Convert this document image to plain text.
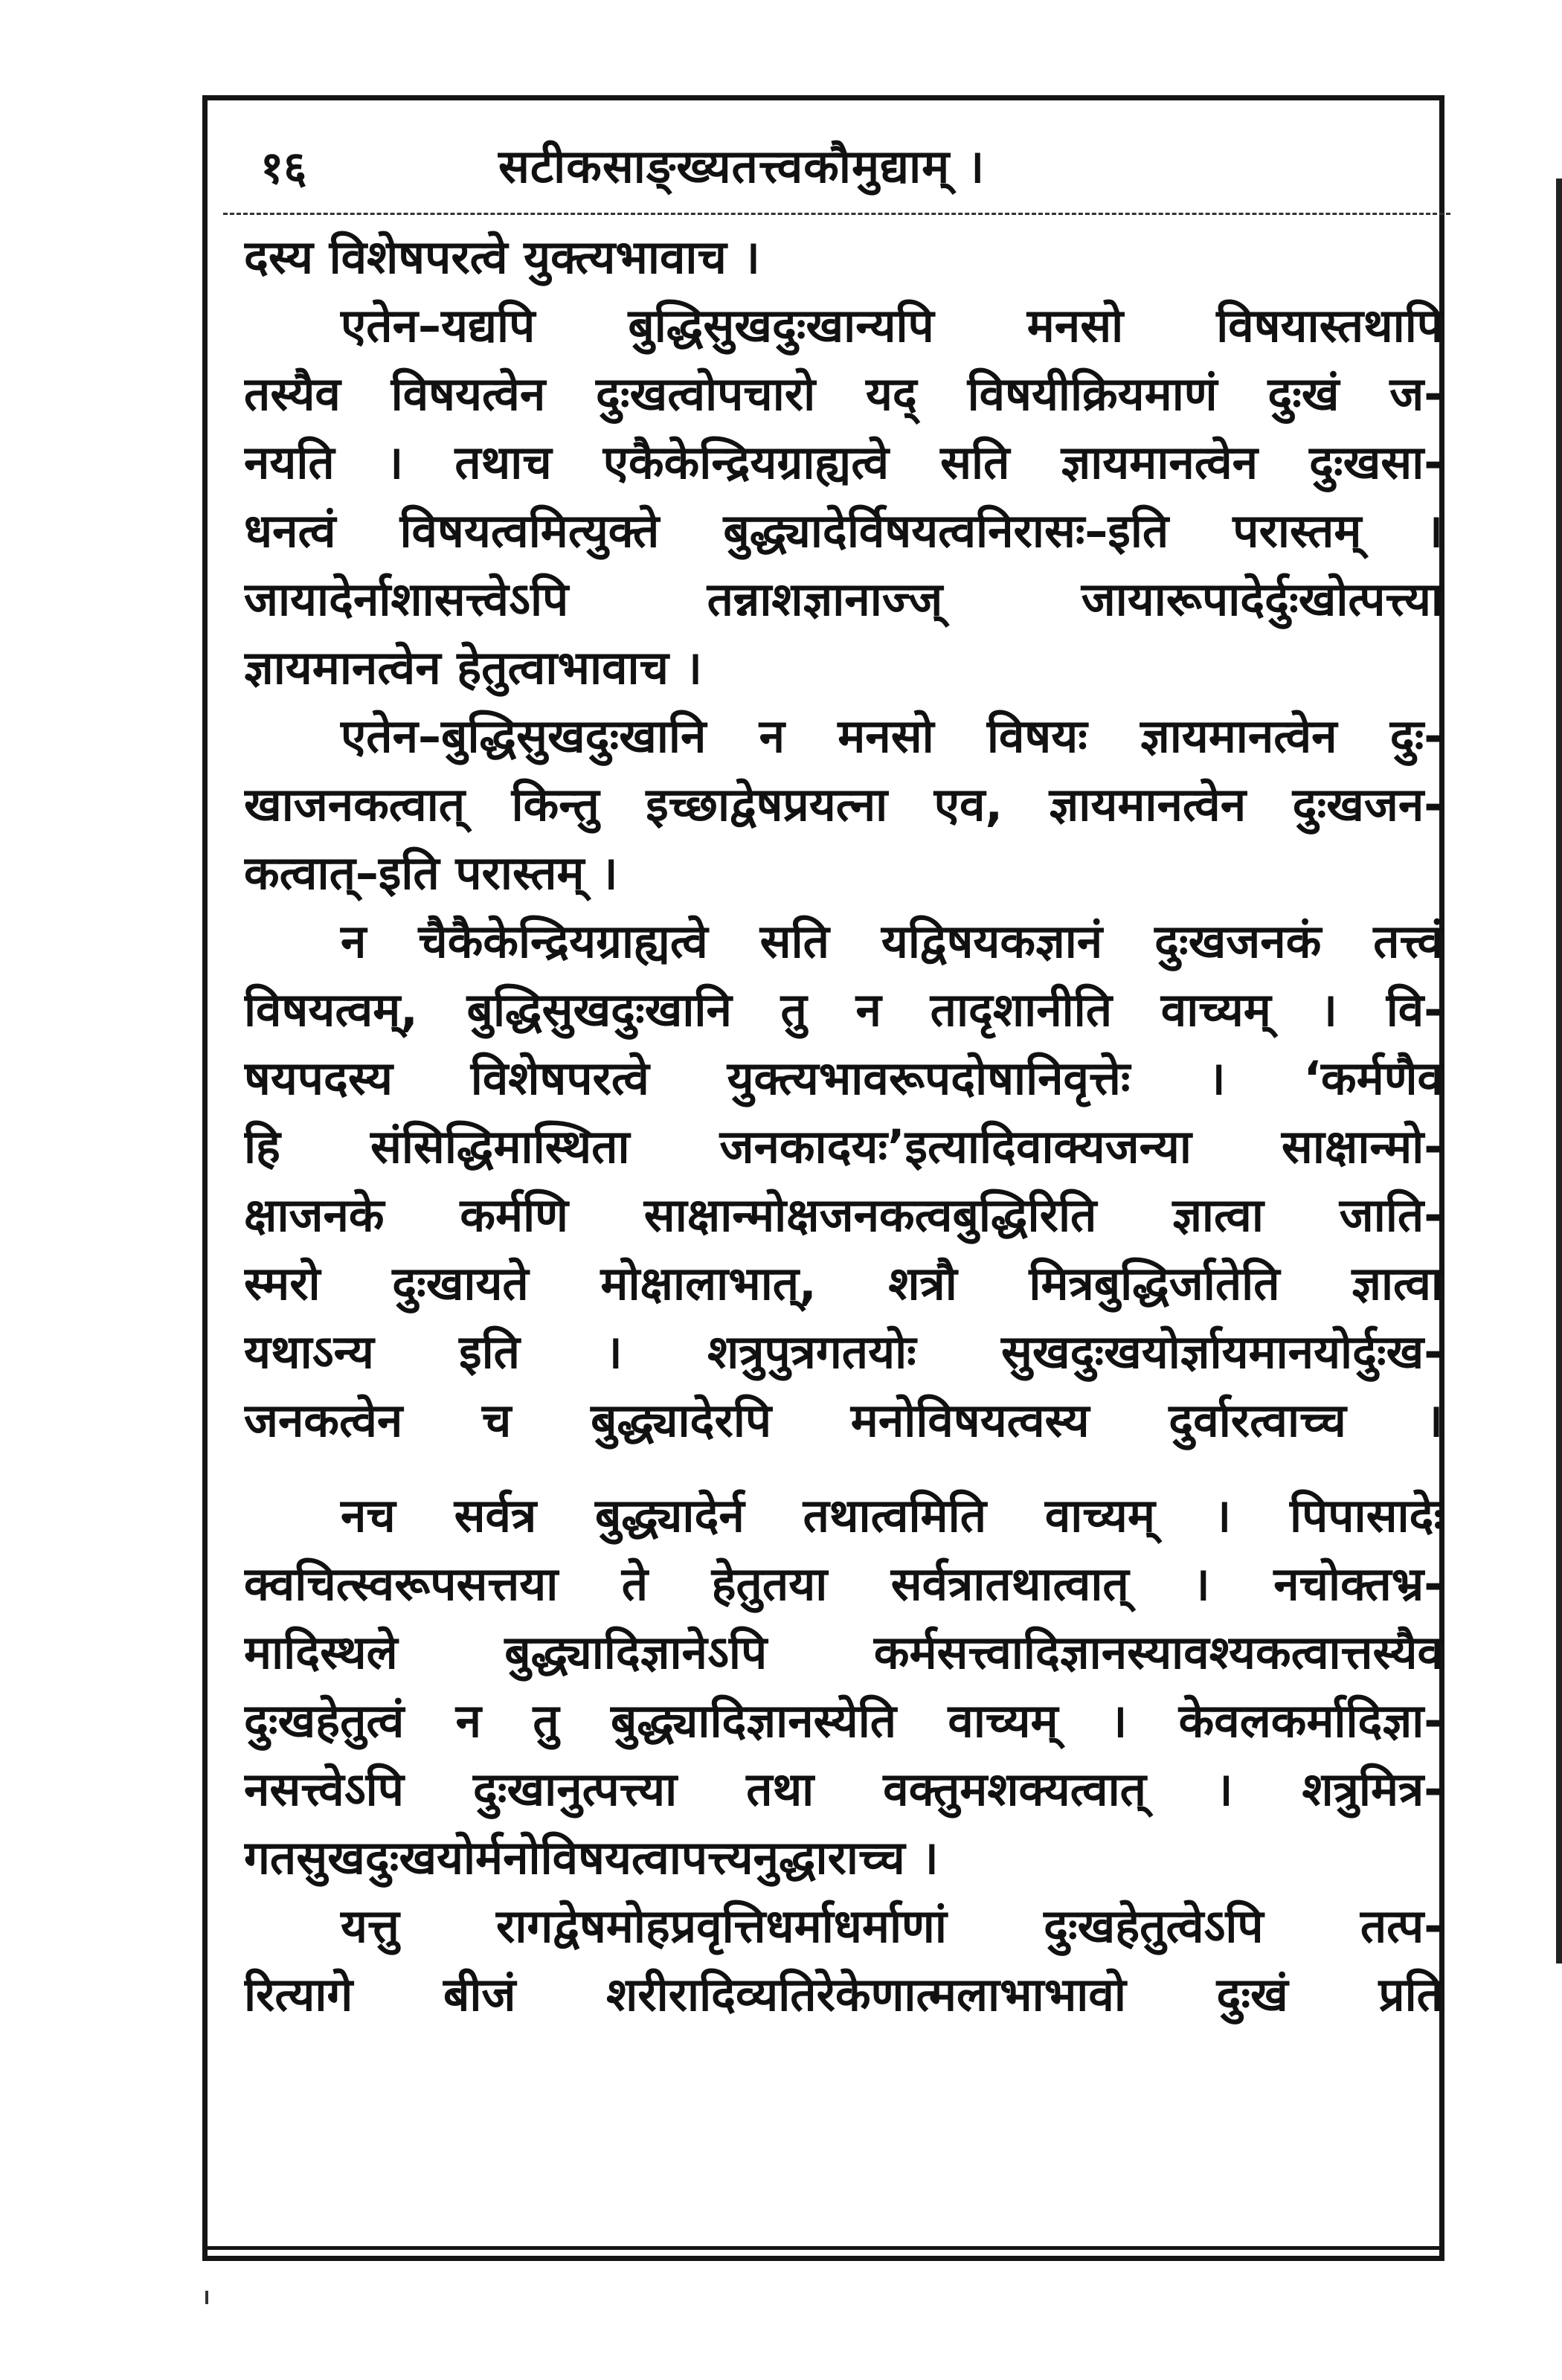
१६	सटीकसाङ्ख्यतत्त्वकौमुद्याम् ।

दस्य विशेषपरत्वे युक्त्यभावाच ।

एतेन–यद्यपि बुद्धिसुखदुःखान्यपि मनसो विषयास्तथापि
तस्यैव विषयत्वेन दुःखत्वोपचारो यद् विषयीक्रियमाणं दुःखं ज-
नयति । तथाच एकैकेन्द्रियग्राह्यत्वे सति ज्ञायमानत्वेन दुःखसा-
धनत्वं विषयत्वमित्युक्ते बुद्ध्यादेर्विषयत्वनिरासः–इति परास्तम् ।
जायादेर्नाशासत्त्वेऽपि तन्नाशज्ञानाज्ज् जायारूपादेर्दुःखोत्पत्त्या
ज्ञायमानत्वेन हेतुत्वाभावाच ।

एतेन–बुद्धिसुखदुःखानि न मनसो विषयः ज्ञायमानत्वेन दुः-
खाजनकत्वात् किन्तु इच्छाद्वेषप्रयत्ना एव, ज्ञायमानत्वेन दुःखजन-
कत्वात्–इति परास्तम् ।

न चैकैकेन्द्रियग्राह्यत्वे सति यद्विषयकज्ञानं दुःखजनकं तत्त्वं
विषयत्वम्, बुद्धिसुखदुःखानि तु न तादृशानीति वाच्यम् । वि-
षयपदस्य विशेषपरत्वे युक्त्यभावरूपदोषानिवृत्तेः । ‘कर्मणैव
हि संसिद्धिमास्थिता जनकादयः’इत्यादिवाक्यजन्या साक्षान्मो-
क्षाजनके कर्मणि साक्षान्मोक्षजनकत्वबुद्धिरिति ज्ञात्वा जाति-
स्मरो दुःखायते मोक्षालाभात्, शत्रौ मित्रबुद्धिर्जातेति ज्ञात्वा
यथाऽन्य इति । शत्रुपुत्रगतयोः सुखदुःखयोर्ज्ञायमानयोर्दुःख-
जनकत्वेन च बुद्ध्यादेरपि मनोविषयत्वस्य दुर्वारत्वाच्च ।

नच सर्वत्र बुद्ध्यादेर्न तथात्वमिति वाच्यम् । पिपासादेः
क्वचित्स्वरूपसत्तया ते हेतुतया सर्वत्रातथात्वात् । नचोक्तभ्र-
मादिस्थले बुद्ध्यादिज्ञानेऽपि कर्मसत्त्वादिज्ञानस्यावश्यकत्वात्तस्यैव
दुःखहेतुत्वं न तु बुद्ध्यादिज्ञानस्येति वाच्यम् । केवलकर्मादिज्ञा-
नसत्त्वेऽपि दुःखानुत्पत्त्या तथा वक्तुमशक्यत्वात् । शत्रुमित्र-
गतसुखदुःखयोर्मनोविषयत्वापत्त्यनुद्धाराच्च ।

यत्तु रागद्वेषमोहप्रवृत्तिधर्माधर्माणां दुःखहेतुत्वेऽपि तत्प-
रित्यागे बीजं शरीरादिव्यतिरेकेणात्मलाभाभावो दुःखं प्रति
